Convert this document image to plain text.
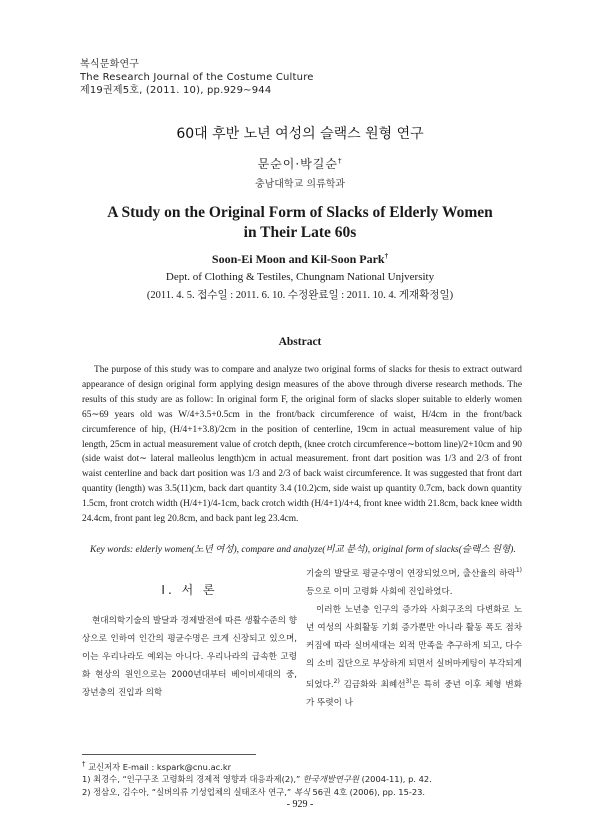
복식문화연구
The Research Journal of the Costume Culture
제19권제5호, (2011. 10), pp.929∼944
60대 후반 노년 여성의 슬랙스 원형 연구
문순이·박길순†
충남대학교 의류학과
A Study on the Original Form of Slacks of Elderly Women
in Their Late 60s
Soon-Ei Moon and Kil-Soon Park†
Dept. of Clothing & Testiles, Chungnam National Unjversity
(2011. 4. 5. 접수일 : 2011. 6. 10. 수정완료일 : 2011. 10. 4. 게재확정일)
Abstract

The purpose of this study was to compare and analyze two original forms of slacks for thesis to extract outward appearance of design original form applying design measures of the above through diverse research methods. The results of this study are as follow: In original form F, the original form of slacks sloper suitable to elderly women 65∼69 years old was W/4+3.5+0.5cm in the front/back circumference of waist, H/4cm in the front/back circumference of hip, (H/4+1+3.8)/2cm in the position of centerline, 19cm in actual measurement value of hip length, 25cm in actual measurement value of crotch depth, (knee crotch circumference∼bottom line)/2+10cm and 90 (side waist dot∼ lateral malleolus length)cm in actual measurement. front dart position was 1/3 and 2/3 of front waist centerline and back dart position was 1/3 and 2/3 of back waist circumference. It was suggested that front dart quantity (length) was 3.5(11)cm, back dart quantity 3.4 (10.2)cm, side waist up quantity 0.7cm, back down quantity 1.5cm, front crotch width (H/4+1)/4-1cm, back crotch width (H/4+1)/4+4, front knee width 21.8cm, back knee width 24.4cm, front pant leg 20.8cm, and back pant leg 23.4cm.

Key words: elderly women(노년 여성), compare and analyze(비교 분석), original form of slacks(슬랙스 원형).
Ⅰ. 서 론

현대의학기술의 발달과 경제발전에 따른 생활수준의 향상으로 인하여 인간의 평균수명은 크게 신장되고 있으며, 이는 우리나라도 예외는 아니다. 우리나라의 급속한 고령화 현상의 원인으로는 2000년대부터 베이비세대의 중, 장년층의 진입과 의학

기술의 발달로 평균수명이 연장되었으며, 출산율의 하락$^{1)}$ 등으로 이미 고령화 사회에 진입하였다.

이러한 노년층 인구의 증가와 사회구조의 다변화로 노년 여성의 사회활동 기회 증가뿐만 아니라 활동 폭도 점차 커짐에 따라 실버세대는 외적 만족을 추구하게 되고, 다수의 소비 집단으로 부상하게 되면서 실버마케팅이 부각되게 되었다.$^{2)}$ 김금화와 최혜선$^{3)}$은 특히 중년 이후 체형 변화가 뚜렷이 나

† 교신저자 E-mail : kspark@cnu.ac.kr
1) 최경수, “인구구조 고령화의 경제적 영향과 대응과제(2),” 한국개발연구원 (2004-11), p. 42.
2) 정삼오, 김수아, “실버의류 기성업체의 실태조사 연구,” 복식 56권 4호 (2006), pp. 15-23.
- 929 -
